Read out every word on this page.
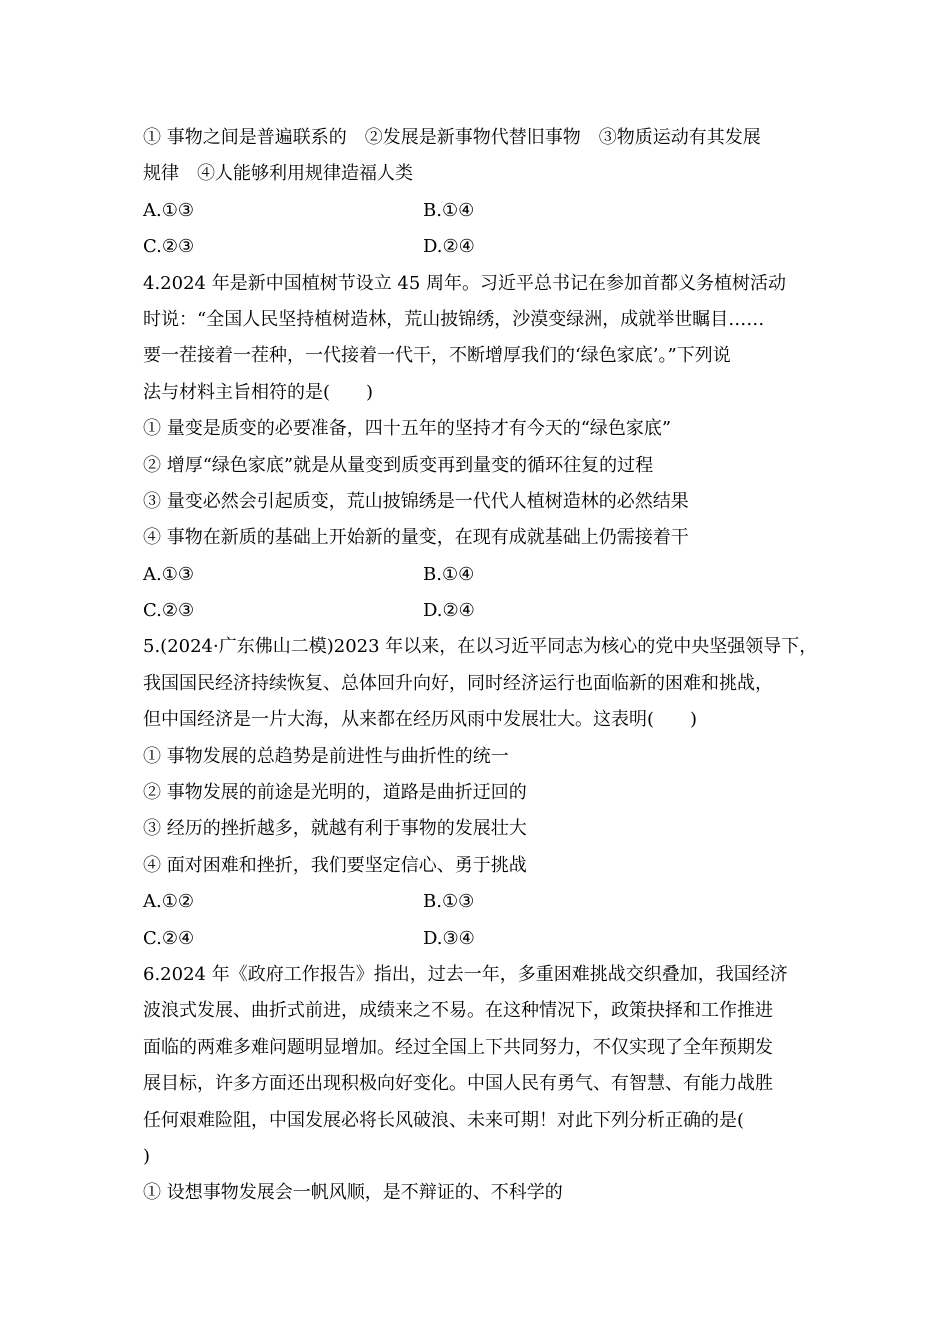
① 事物之间是普遍联系的　②发展是新事物代替旧事物　③物质运动有其发展
规律　④人能够利用规律造福人类
A.①③	B.①④
C.②③	D.②④
4.2024 年是新中国植树节设立 45 周年。习近平总书记在参加首都义务植树活动
时说：“全国人民坚持植树造林，荒山披锦绣，沙漠变绿洲，成就举世瞩目……
要一茬接着一茬种，一代接着一代干，不断增厚我们的‘绿色家底’。”下列说
法与材料主旨相符的是(　　)
① 量变是质变的必要准备，四十五年的坚持才有今天的“绿色家底”
② 增厚“绿色家底”就是从量变到质变再到量变的循环往复的过程
③ 量变必然会引起质变，荒山披锦绣是一代代人植树造林的必然结果
④ 事物在新质的基础上开始新的量变，在现有成就基础上仍需接着干
A.①③	B.①④
C.②③	D.②④
5.(2024·广东佛山二模)2023 年以来，在以习近平同志为核心的党中央坚强领导下，
我国国民经济持续恢复、总体回升向好，同时经济运行也面临新的困难和挑战，
但中国经济是一片大海，从来都在经历风雨中发展壮大。这表明(　　)
① 事物发展的总趋势是前进性与曲折性的统一
② 事物发展的前途是光明的，道路是曲折迂回的
③ 经历的挫折越多，就越有利于事物的发展壮大
④ 面对困难和挫折，我们要坚定信心、勇于挑战
A.①②	B.①③
C.②④	D.③④
6.2024 年《政府工作报告》指出，过去一年，多重困难挑战交织叠加，我国经济
波浪式发展、曲折式前进，成绩来之不易。在这种情况下，政策抉择和工作推进
面临的两难多难问题明显增加。经过全国上下共同努力，不仅实现了全年预期发
展目标，许多方面还出现积极向好变化。中国人民有勇气、有智慧、有能力战胜
任何艰难险阻，中国发展必将长风破浪、未来可期！对此下列分析正确的是(
)
① 设想事物发展会一帆风顺，是不辩证的、不科学的
